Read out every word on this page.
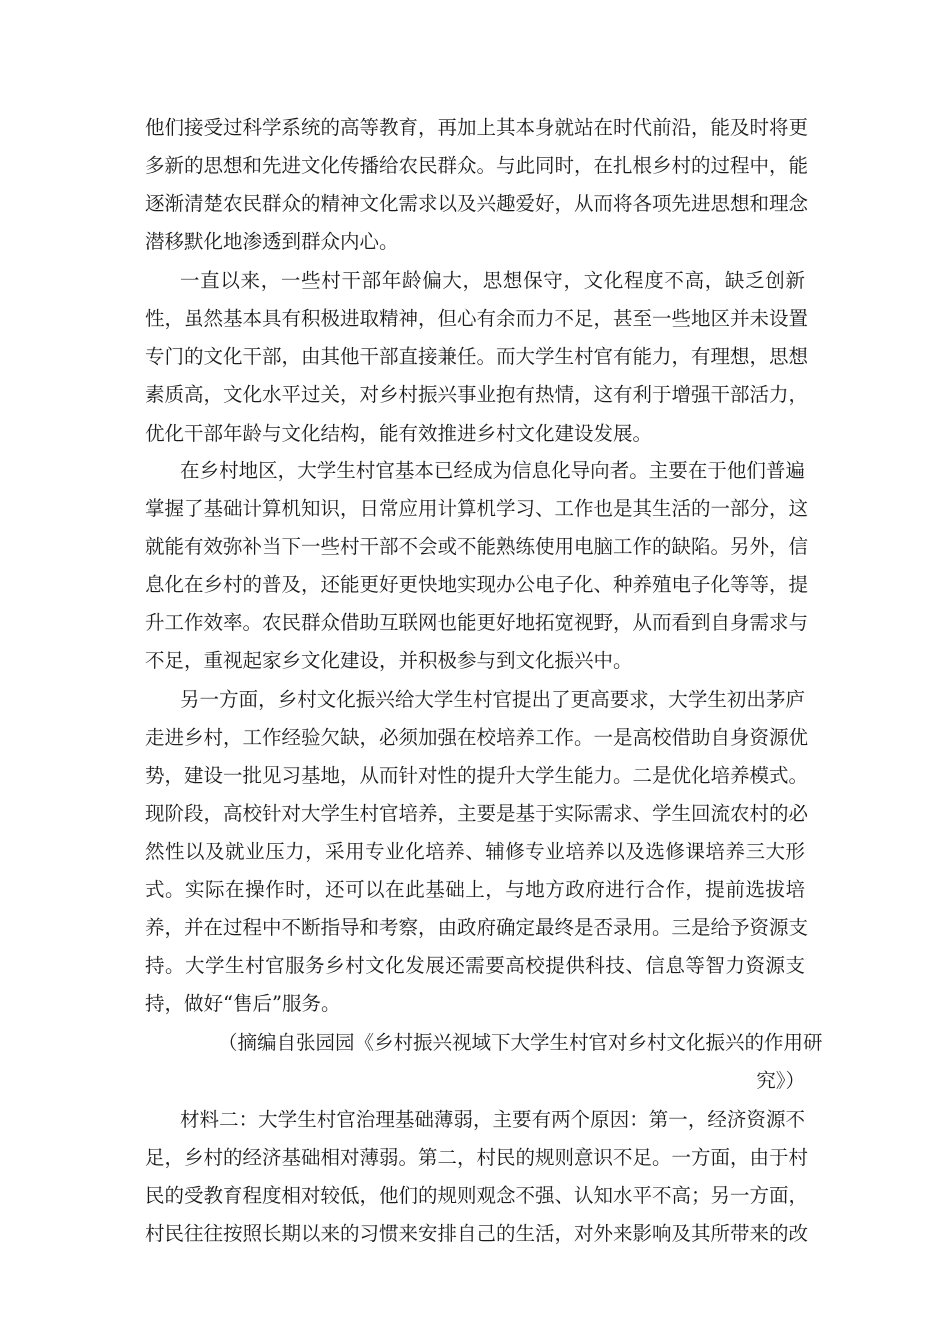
他们接受过科学系统的高等教育，再加上其本身就站在时代前沿，能及时将更
多新的思想和先进文化传播给农民群众。与此同时，在扎根乡村的过程中，能
逐渐清楚农民群众的精神文化需求以及兴趣爱好，从而将各项先进思想和理念
潜移默化地渗透到群众内心。
一直以来，一些村干部年龄偏大，思想保守，文化程度不高，缺乏创新
性，虽然基本具有积极进取精神，但心有余而力不足，甚至一些地区并未设置
专门的文化干部，由其他干部直接兼任。而大学生村官有能力，有理想，思想
素质高，文化水平过关，对乡村振兴事业抱有热情，这有利于增强干部活力，
优化干部年龄与文化结构，能有效推进乡村文化建设发展。
在乡村地区，大学生村官基本已经成为信息化导向者。主要在于他们普遍
掌握了基础计算机知识，日常应用计算机学习、工作也是其生活的一部分，这
就能有效弥补当下一些村干部不会或不能熟练使用电脑工作的缺陷。另外，信
息化在乡村的普及，还能更好更快地实现办公电子化、种养殖电子化等等，提
升工作效率。农民群众借助互联网也能更好地拓宽视野，从而看到自身需求与
不足，重视起家乡文化建设，并积极参与到文化振兴中。
另一方面，乡村文化振兴给大学生村官提出了更高要求，大学生初出茅庐
走进乡村，工作经验欠缺，必须加强在校培养工作。一是高校借助自身资源优
势，建设一批见习基地，从而针对性的提升大学生能力。二是优化培养模式。
现阶段，高校针对大学生村官培养，主要是基于实际需求、学生回流农村的必
然性以及就业压力，采用专业化培养、辅修专业培养以及选修课培养三大形
式。实际在操作时，还可以在此基础上，与地方政府进行合作，提前选拔培
养，并在过程中不断指导和考察，由政府确定最终是否录用。三是给予资源支
持。大学生村官服务乡村文化发展还需要高校提供科技、信息等智力资源支
持，做好“售后”服务。
（摘编自张园园《乡村振兴视域下大学生村官对乡村文化振兴的作用研
究》）
材料二：大学生村官治理基础薄弱，主要有两个原因：第一，经济资源不
足，乡村的经济基础相对薄弱。第二，村民的规则意识不足。一方面，由于村
民的受教育程度相对较低，他们的规则观念不强、认知水平不高；另一方面，
村民往往按照长期以来的习惯来安排自己的生活，对外来影响及其所带来的改
